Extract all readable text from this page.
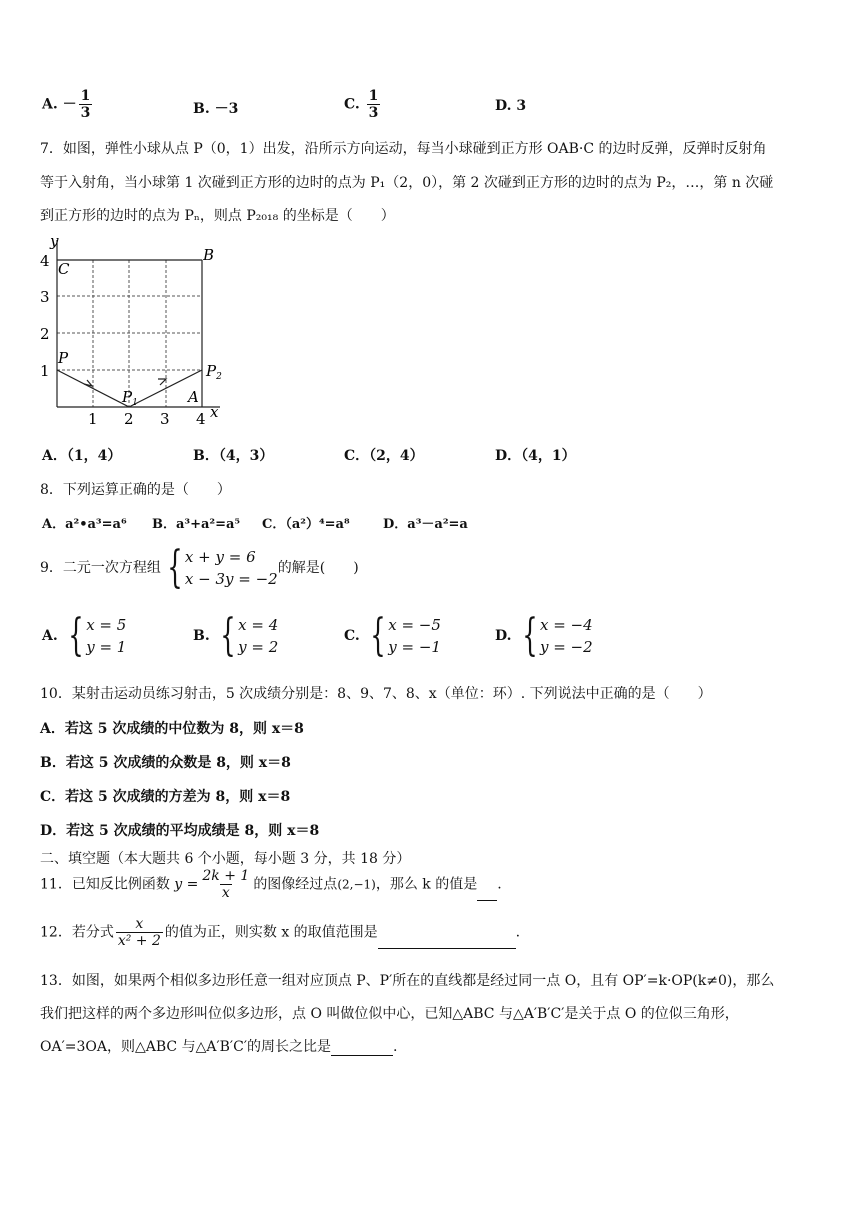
A. － $\frac{1}{3}$	B. －3	C. $\frac{1}{3}$	D. 3
7．如图，弹性小球从点 P（0，1）出发，沿所示方向运动，每当小球碰到正方形 OAB·C 的边时反弹，反弹时反射角
等于入射角，当小球第 1 次碰到正方形的边时的点为 P₁（2，0），第 2 次碰到正方形的边时的点为 P₂，…，第 n 次碰
到正方形的边时的点为 Pₙ，则点 P₂₀₁₈ 的坐标是（　　）
y
x
4
3
2
1
1 2 3 4
C
B
P
$P_1$
$P_2$
A
A．（1，4）	B．（4，3）	C．（2，4）	D．（4，1）
8．下列运算正确的是（　　）
A．a²•a³=a⁶ B．a³+a²=a⁵ C．（a²）⁴=a⁸	D．a³－a²=a
9．二元一次方程组 { x + y = 6
x − 3y = −2
的解是(　　)
A. { x = 5
y = 1
B. { x = 4
y = 2
C. { x = −5
y = −1
D. { x = −4
y = −2
10．某射击运动员练习射击，5 次成绩分别是：8、9、7、8、x（单位：环）. 下列说法中正确的是（　　）
A．若这 5 次成绩的中位数为 8，则 x＝8
B．若这 5 次成绩的众数是 8，则 x＝8
C．若这 5 次成绩的方差为 8，则 x＝8
D．若这 5 次成绩的平均成绩是 8，则 x＝8
二、填空题（本大题共 6 个小题，每小题 3 分，共 18 分）
11．已知反比例函数 $y = \frac{2k + 1}{x}$ 的图像经过点(2,−1)，那么 k 的值是 .
12．若分式 $\frac{x}{\text{x² + 2}}$ 的值为正，则实数 x 的取值范围是	.
13．如图，如果两个相似多边形任意一组对应顶点 P、P′所在的直线都是经过同一点 O，且有 OP′=k·OP(k≠0)，那么
我们把这样的两个多边形叫位似多边形，点 O 叫做位似中心，已知△ABC 与△A′B′C′是关于点 O 的位似三角形，
OA′=3OA，则△ABC 与△A′B′C′的周长之比是	.
